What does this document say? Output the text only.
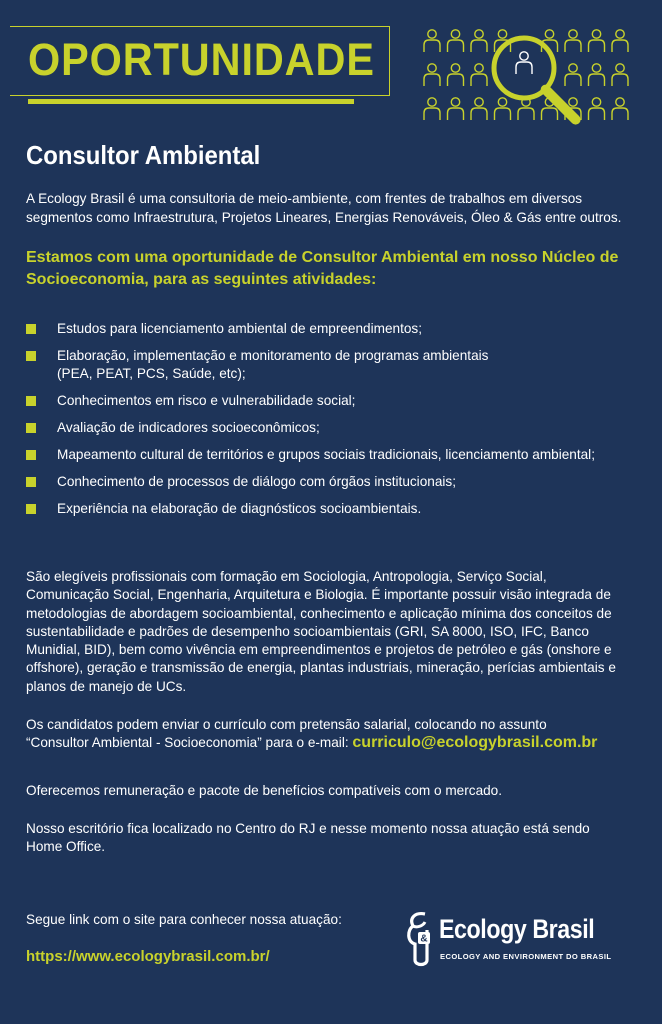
OPORTUNIDADE
Consultor Ambiental
A Ecology Brasil é uma consultoria de meio-ambiente, com frentes de trabalhos em diversos segmentos como Infraestrutura, Projetos Lineares, Energias Renováveis, Óleo & Gás entre outros.
Estamos com uma oportunidade de Consultor Ambiental em nosso Núcleo de Socioeconomia, para as seguintes atividades:
Estudos para licenciamento ambiental de empreendimentos;
Elaboração, implementação e monitoramento de programas ambientais
(PEA, PEAT, PCS, Saúde, etc);
Conhecimentos em risco e vulnerabilidade social;
Avaliação de indicadores socioeconômicos;
Mapeamento cultural de territórios e grupos sociais tradicionais, licenciamento ambiental;
Conhecimento de processos de diálogo com órgãos institucionais;
Experiência na elaboração de diagnósticos socioambientais.
São elegíveis profissionais com formação em Sociologia, Antropologia, Serviço Social, Comunicação Social, Engenharia, Arquitetura e Biologia. É importante possuir visão integrada de metodologias de abordagem socioambiental, conhecimento e aplicação mínima dos conceitos de sustentabilidade e padrões de desempenho socioambientais (GRI, SA 8000, ISO, IFC, Banco Munidial, BID), bem como vivência em empreendimentos e projetos de petróleo e gás (onshore e offshore), geração e transmissão de energia, plantas industriais, mineração, perícias ambientais e planos de manejo de UCs.
Os candidatos podem enviar o currículo com pretensão salarial, colocando no assunto
“Consultor Ambiental - Socioeconomia” para o e-mail: curriculo@ecologybrasil.com.br
Oferecemos remuneração e pacote de benefícios compatíveis com o mercado.
Nosso escritório fica localizado no Centro do RJ e nesse momento nossa atuação está sendo Home Office.
Segue link com o site para conhecer nossa atuação:
https://www.ecologybrasil.com.br/
& Ecology Brasil
ECOLOGY AND ENVIRONMENT DO BRASIL
